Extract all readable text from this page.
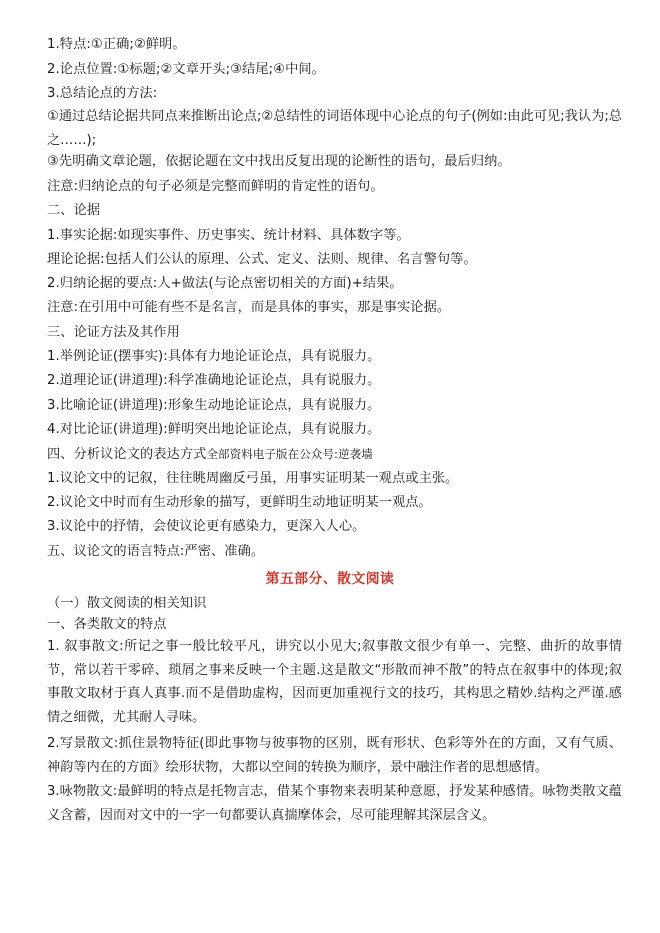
1.特点:①正确;②鲜明。
2.论点位置:①标题;②文章开头;③结尾;④中间。
3.总结论点的方法:
①通过总结论据共同点来推断出论点;②总结性的词语体现中心论点的句子(例如:由此可见;我认为;总之……);
③先明确文章论题，依据论题在文中找出反复出现的论断性的语句，最后归纳。
注意:归纳论点的句子必须是完整而鲜明的肯定性的语句。
二、论据
1.事实论据:如现实事件、历史事实、统计材料、具体数字等。
理论论据:包括人们公认的原理、公式、定义、法则、规律、名言警句等。
2.归纳论据的要点:人+做法(与论点密切相关的方面)+结果。
注意:在引用中可能有些不是名言，而是具体的事实，那是事实论据。
三、论证方法及其作用
1.举例论证(摆事实):具体有力地论证论点，具有说服力。
2.道理论证(讲道理):科学准确地论证论点，具有说服力。
3.比喻论证(讲道理):形象生动地论证论点，具有说服力。
4.对比论证(讲道理):鲜明突出地论证论点，具有说服力。
四、分析议论文的表达方式全部资料电子版在公众号:逆袭墙
1.议论文中的记叙，往往眺周幽反弓虽，用事实证明某一观点或主张。
2.议论文中时而有生动形象的描写，更鲜明生动地证明某一观点。
3.议论中的抒情，会使议论更有感染力，更深入人心。
五、议论文的语言特点:严密、准确。
第五部分、散文阅读
（一）散文阅读的相关知识
一、各类散文的特点
1. 叙事散文:所记之事一般比较平凡，讲究以小见大;叙事散文很少有单一、完整、曲折的故事情节，常以若干零碎、琐屑之事来反映一个主题.这是散文“形散而神不散”的特点在叙事中的体现;叙事散文取材于真人真事.而不是借助虚构，因而更加重视行文的技巧，其构思之精妙.结构之严谨.感情之细微，尤其耐人寻味。
2.写景散文:抓住景物特征(即此事物与彼事物的区别，既有形状、色彩等外在的方面，又有气质、神韵等内在的方面》绘形状物，大都以空间的转换为顺序，景中融注作者的思想感情。
3.咏物散文:最鲜明的特点是托物言志，借某个事物来表明某种意愿，抒发某种感情。咏物类散文蕴义含蓄，因而对文中的一字一句都要认真揣摩体会，尽可能理解其深层含义。
